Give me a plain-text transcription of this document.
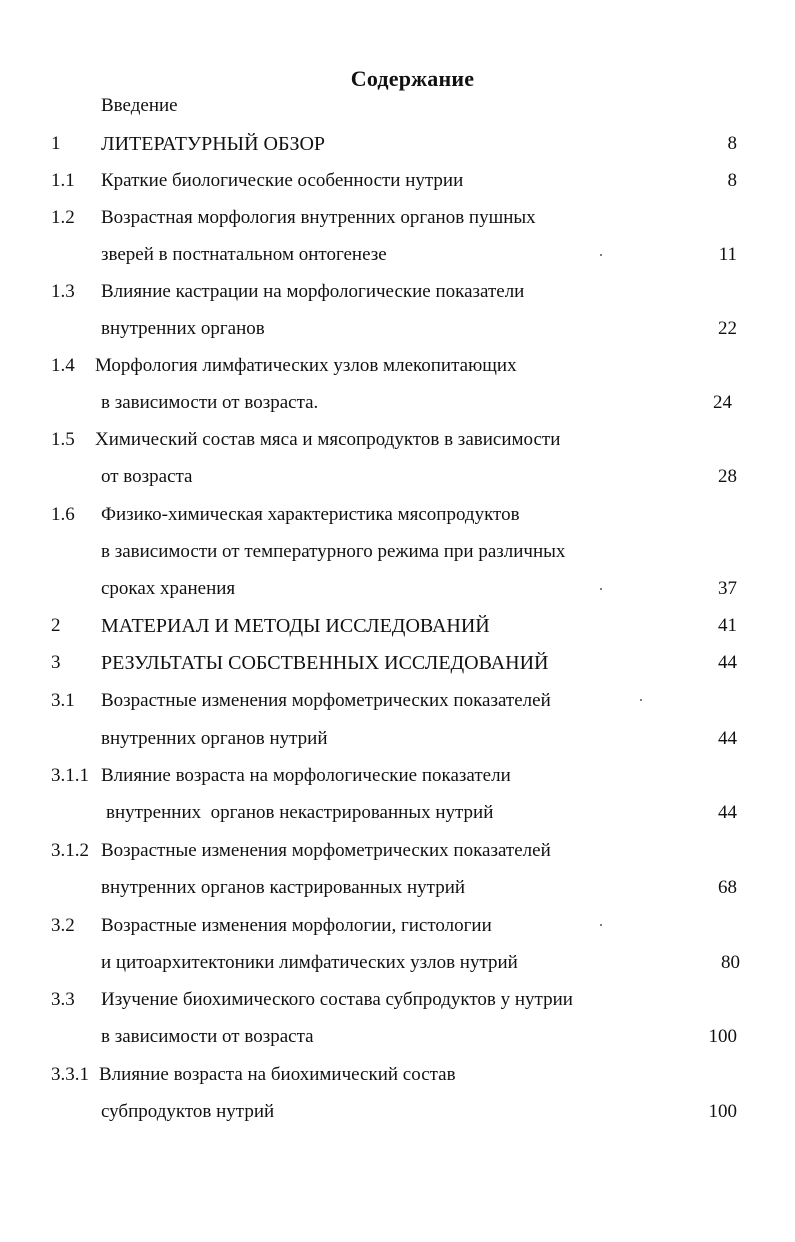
Содержание
Введение
1 ЛИТЕРАТУРНЫЙ ОБЗОР	8
1.1 Краткие биологические особенности нутрии	8
1.2 Возрастная морфология внутренних органов пушных
зверей в постнатальном онтогенезе	11
1.3 Влияние кастрации на морфологические показатели
внутренних органов	22
1.4 Морфология лимфатических узлов млекопитающих
в зависимости от возраста.	24
1.5 Химический состав мяса и мясопродуктов в зависимости
от возраста	28
1.6 Физико-химическая характеристика мясопродуктов
в зависимости от температурного режима при различных
сроках хранения	37
2 МАТЕРИАЛ И МЕТОДЫ ИССЛЕДОВАНИЙ	41
3 РЕЗУЛЬТАТЫ СОБСТВЕННЫХ ИССЛЕДОВАНИЙ	44
3.1 Возрастные изменения морфометрических показателей
внутренних органов нутрий	44
3.1.1 Влияние возраста на морфологические показатели
внутренних  органов некастрированных нутрий	44
3.1.2 Возрастные изменения морфометрических показателей
внутренних органов кастрированных нутрий	68
3.2 Возрастные изменения морфологии, гистологии
и цитоархитектоники лимфатических узлов нутрий	80
3.3 Изучение биохимического состава субпродуктов у нутрии
в зависимости от возраста	100
3.3.1 Влияние возраста на биохимический состав
субпродуктов нутрий	100
